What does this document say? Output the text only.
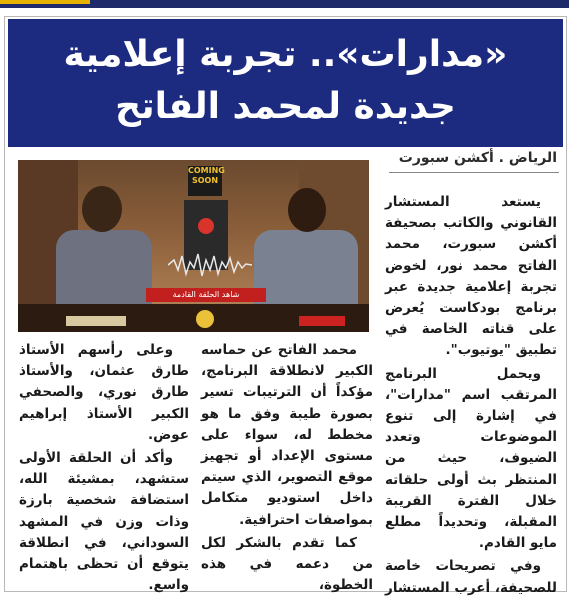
«مدارات».. تجربة إعلامية
جديدة لمحمد الفاتح
الرياض . أكشن سبورت
COMING SOON
شاهد الحلقة القادمة

يستعد المستشار القانوني والكاتب بصحيفة أكشن سبورت، محمد الفاتح محمد نور، لخوض تجربة إعلامية جديدة عبر برنامج بودكاست يُعرض على قناته الخاصة في تطبيق "يوتيوب".

ويحمل البرنامج المرتقب اسم "مدارات"، في إشارة إلى تنوع الموضوعات وتعدد الضيوف، حيث من المنتظر بث أولى حلقاته خلال الفترة القريبة المقبلة، وتحديداً مطلع مايو القادم.

وفي تصريحات خاصة للصحيفة، أعرب المستشار

محمد الفاتح عن حماسه الكبير لانطلاقة البرنامج، مؤكداً أن الترتيبات تسير بصورة طيبة وفق ما هو مخطط له، سواء على مستوى الإعداد أو تجهيز موقع التصوير، الذي سيتم داخل استوديو متكامل بمواصفات احترافية.

كما تقدم بالشكر لكل من دعمه في هذه الخطوة،

وعلى رأسهم الأستاذ طارق عثمان، والأستاذ طارق نوري، والصحفي الكبير الأستاذ إبراهيم عوض.

وأكد أن الحلقة الأولى ستشهد، بمشيئة الله، استضافة شخصية بارزة وذات وزن في المشهد السوداني، في انطلاقة يتوقع أن تحظى باهتمام واسع.
